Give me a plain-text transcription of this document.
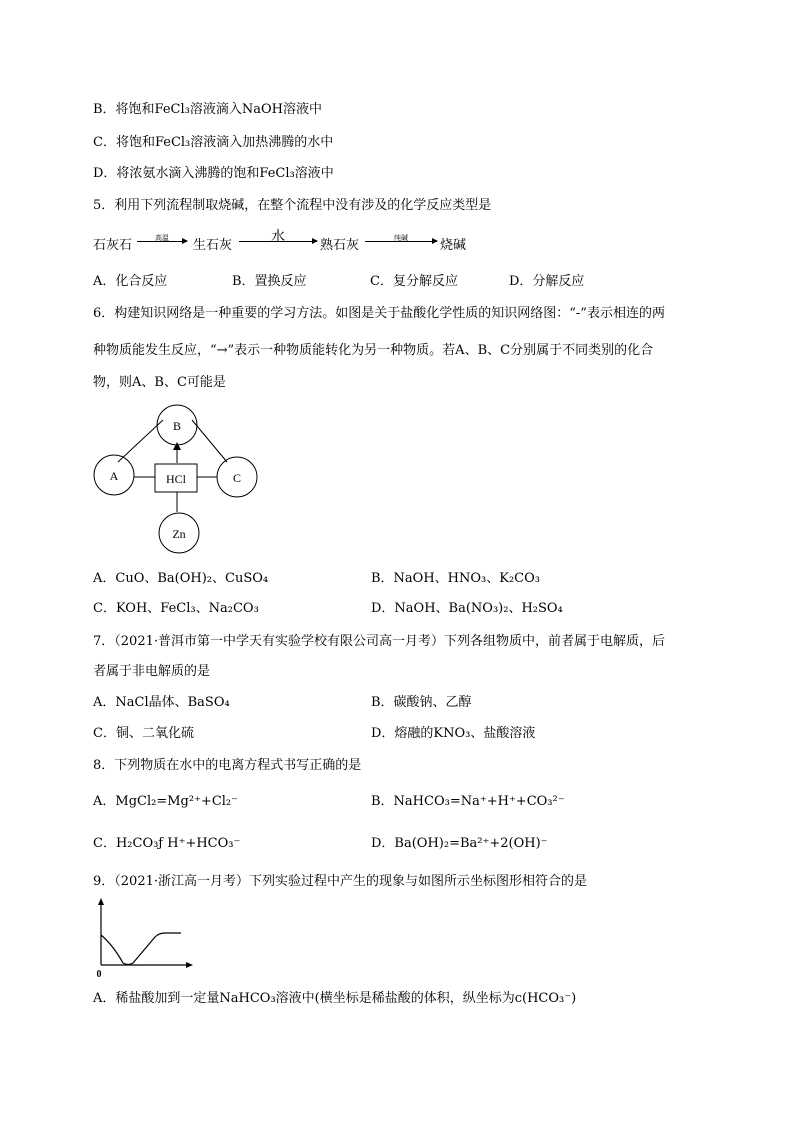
B．将饱和FeCl₃溶液滴入NaOH溶液中
C．将饱和FeCl₃溶液滴入加热沸腾的水中
D．将浓氨水滴入沸腾的饱和FeCl₃溶液中
5．利用下列流程制取烧碱，在整个流程中没有涉及的化学反应类型是
石灰石	高温	生石灰
水
熟石灰	纯碱	烧碱
A．化合反应	B．置换反应	C．复分解反应	D．分解反应
6．构建知识网络是一种重要的学习方法。如图是关于盐酸化学性质的知识网络图：“-”表示相连的两
种物质能发生反应，“→”表示一种物质能转化为另一种物质。若A、B、C分别属于不同类别的化合
物，则A、B、C可能是
B
A	C
HCl
Zn
A．CuO、Ba(OH)₂、CuSO₄	B．NaOH、HNO₃、K₂CO₃
C．KOH、FeCl₃、Na₂CO₃	D．NaOH、Ba(NO₃)₂、H₂SO₄
7．（2021·普洱市第一中学天有实验学校有限公司高一月考）下列各组物质中，前者属于电解质，后
者属于非电解质的是
A．NaCl晶体、BaSO₄	B．碳酸钠、乙醇
C．铜、二氧化硫	D．熔融的KNO₃、盐酸溶液
8．下列物质在水中的电离方程式书写正确的是
A．MgCl₂=Mg²⁺+Cl₂⁻	B．NaHCO₃=Na⁺+H⁺+CO₃²⁻
C．H₂CO₃ƒ H⁺+HCO₃⁻	D．Ba(OH)₂=Ba²⁺+2(OH)⁻
9．（2021·浙江高一月考）下列实验过程中产生的现象与如图所示坐标图形相符合的是
0
A．稀盐酸加到一定量NaHCO₃溶液中(横坐标是稀盐酸的体积，纵坐标为c(HCO₃⁻)
